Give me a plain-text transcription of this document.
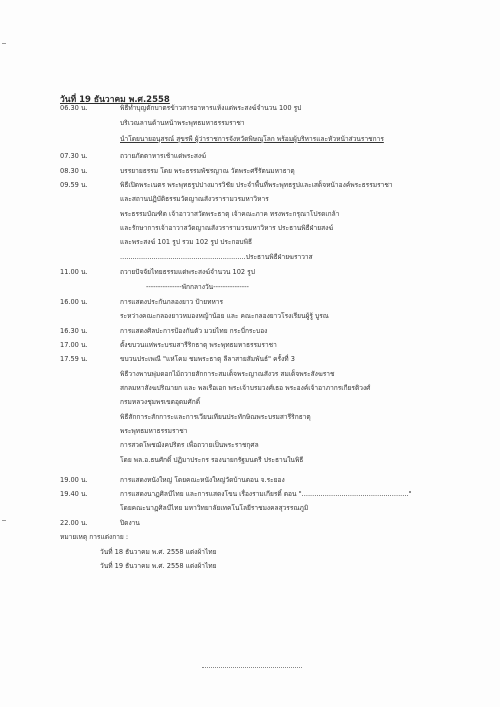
วันที่ 19 ธันวาคม พ.ศ.2558
06.30 น.
07.30 น.
08.30 น.
09.59 น.
11.00 น.
16.00 น.
16.30 น.
17.00 น.
17.59 น.
19.00 น.
19.40 น.
22.00 น.
พิธีทำบุญตักบาตรข้าวสารอาหารแห้งแด่พระสงฆ์จำนวน 100 รูป
บริเวณลานด้านหน้าพระพุทธมหาธรรมราชา
นำโดยนายอนุสรณ์ สุขรพี ผู้ว่าราชการจังหวัดพิษณุโลก พร้อมผู้บริหารและหัวหน้าส่วนราชการ
ถวายภัตตาหารเช้าแด่พระสงฆ์
บรรยายธรรม โดย พระธรรมพัชรญาณ วัดพระศรีรัตนมหาธาตุ
พิธีเปิดพระเนตร พระพุทธรูปปางมารวิชัย ประจำพื้นที่พระพุทธรูปและเสด็จหน้าองค์พระธรรมราชา
และสถานปฏิบัติธรรมวัดญาณสังวรารามวรมหาวิหาร
พระธรรมบัณฑิต เจ้าอาวาสวัดพระธาตุ เจ้าคณะภาค ทรงพระกรุณาโปรดเกล้า
และรักษาการเจ้าอาวาสวัดญาณสังวรารามวรมหาวิหาร ประธานพิธีฝ่ายสงฆ์
และพระสงฆ์ 101 รูป รวม 102 รูป ประกอบพิธี
............................................................ประธานพิธีฝ่ายฆราวาส
ถวายปัจจัยไทยธรรมแด่พระสงฆ์จำนวน 102 รูป
---------------พักกลางวัน---------------
การแสดงประกันกลองยาว ป้ายทหาร
ระหว่างคณะกลองยาวหมองหญ้าน้อย และ คณะกลองยาวโรงเรียนผู้รู้ บูรณ
การแสดงศิลปะการป้องกันตัว มวยไทย กระบี่กระบอง
ตั้งขบวนแห่พระบรมสารีริกธาตุ พระพุทธมหาธรรมราชา
ขบวนประเพณี "แห่โคม ชมพระธาตุ ลีลาสายสัมพันธ์" ครั้งที่ 3
พิธีวางพานพุ่มดอกไม้ถวายสักการะสมเด็จพระญาณสังวร สมเด็จพระสังฆราช
สกลมหาสังฆปริณายก และ พลเรือเอก พระเจ้าบรมวงศ์เธอ พระองค์เจ้าอาภากรเกียรติวงศ์
กรมหลวงชุมพรเขตอุดมศักดิ์
พิธีสักการะสักการะและการเวียนเทียนประทักษิณพระบรมสารีริกธาตุ
พระพุทธมหาธรรมราชา
การสวดโพชฌังคปริตร เพื่อถวายเป็นพระราชกุศล
โดย พล.อ.ธนศักดิ์ ปฏิมาประกร รองนายกรัฐมนตรี ประธานในพิธี
การแสดงหนังใหญ่ โดยคณะหนังใหญ่วัดบ้านดอน จ.ระยอง
การแสดงนาฏศิลป์ไทย และการแสดงโขน เรื่องรามเกียรติ์ ตอน "..................................................."
โดยคณะนาฏศิลป์ไทย มหาวิทยาลัยเทคโนโลยีราชมงคลสุวรรณภูมิ
ปิดงาน
หมายเหตุ การแต่งกาย :
วันที่ 18 ธันวาคม พ.ศ. 2558 แต่งผ้าไทย
วันที่ 19 ธันวาคม พ.ศ. 2558 แต่งผ้าไทย
